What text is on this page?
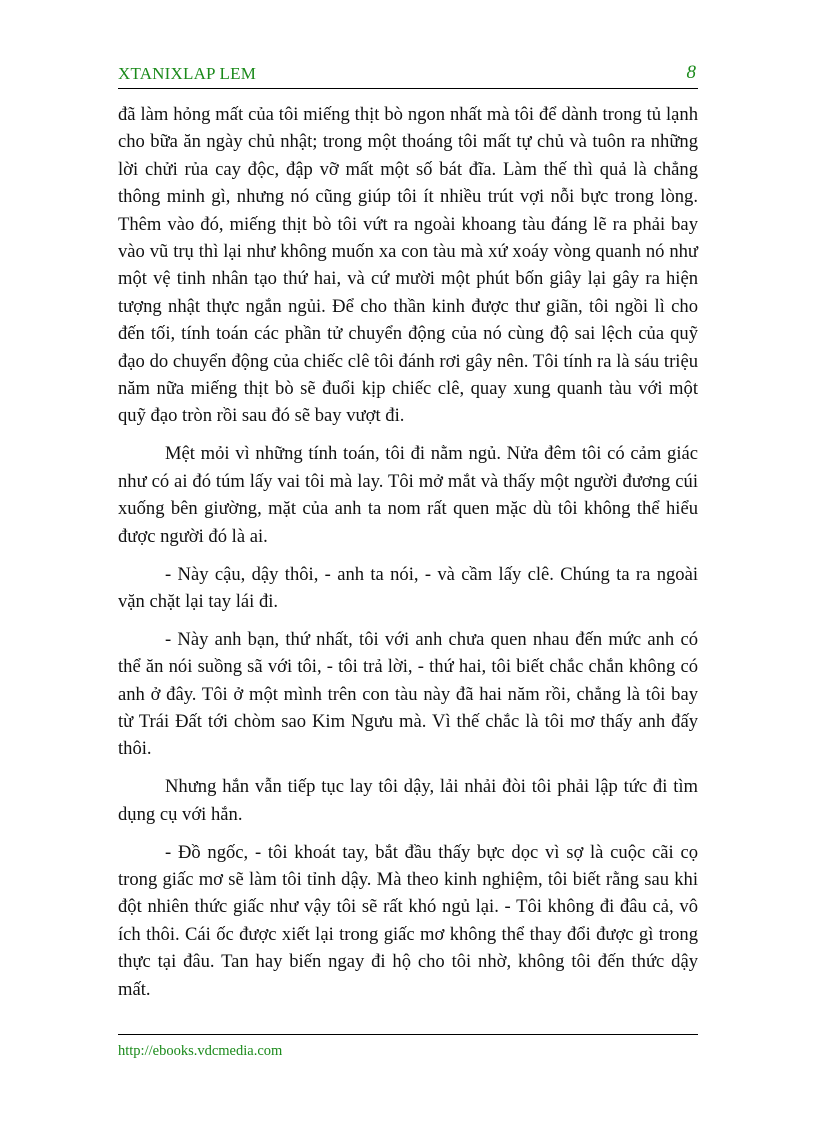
XTANIXLAP LEM	8

đã làm hỏng mất của tôi miếng thịt bò ngon nhất mà tôi để dành trong tủ lạnh cho bữa ăn ngày chủ nhật; trong một thoáng tôi mất tự chủ và tuôn ra những lời chửi rủa cay độc, đập vỡ mất một số bát đĩa. Làm thế thì quả là chẳng thông minh gì, nhưng nó cũng giúp tôi ít nhiều trút vợi nỗi bực trong lòng. Thêm vào đó, miếng thịt bò tôi vứt ra ngoài khoang tàu đáng lẽ ra phải bay vào vũ trụ thì lại như không muốn xa con tàu mà xứ xoáy vòng quanh nó như một vệ tinh nhân tạo thứ hai, và cứ mười một phút bốn giây lại gây ra hiện tượng nhật thực ngắn ngủi. Để cho thần kinh được thư giãn, tôi ngồi lì cho đến tối, tính toán các phần tử chuyển động của nó cùng độ sai lệch của quỹ đạo do chuyển động của chiếc clê tôi đánh rơi gây nên. Tôi tính ra là sáu triệu năm nữa miếng thịt bò sẽ đuổi kịp chiếc clê, quay xung quanh tàu với một quỹ đạo tròn rồi sau đó sẽ bay vượt đi.

Mệt mỏi vì những tính toán, tôi đi nằm ngủ. Nửa đêm tôi có cảm giác như có ai đó túm lấy vai tôi mà lay. Tôi mở mắt và thấy một người đương cúi xuống bên giường, mặt của anh ta nom rất quen mặc dù tôi không thể hiểu được người đó là ai.

- Này cậu, dậy thôi, - anh ta nói, - và cầm lấy clê. Chúng ta ra ngoài vặn chặt lại tay lái đi.

- Này anh bạn, thứ nhất, tôi với anh chưa quen nhau đến mức anh có thể ăn nói suồng sã với tôi, - tôi trả lời, - thứ hai, tôi biết chắc chắn không có anh ở đây. Tôi ở một mình trên con tàu này đã hai năm rồi, chẳng là tôi bay từ Trái Đất tới chòm sao Kim Ngưu mà. Vì thế chắc là tôi mơ thấy anh đấy thôi.

Nhưng hắn vẫn tiếp tục lay tôi dậy, lải nhải đòi tôi phải lập tức đi tìm dụng cụ với hắn.

- Đồ ngốc, - tôi khoát tay, bắt đầu thấy bực dọc vì sợ là cuộc cãi cọ trong giấc mơ sẽ làm tôi tỉnh dậy. Mà theo kinh nghiệm, tôi biết rằng sau khi đột nhiên thức giấc như vậy tôi sẽ rất khó ngủ lại. - Tôi không đi đâu cả, vô ích thôi. Cái ốc được xiết lại trong giấc mơ không thể thay đổi được gì trong thực tại đâu. Tan hay biến ngay đi hộ cho tôi nhờ, không tôi đến thức dậy mất.

http://ebooks.vdcmedia.com
